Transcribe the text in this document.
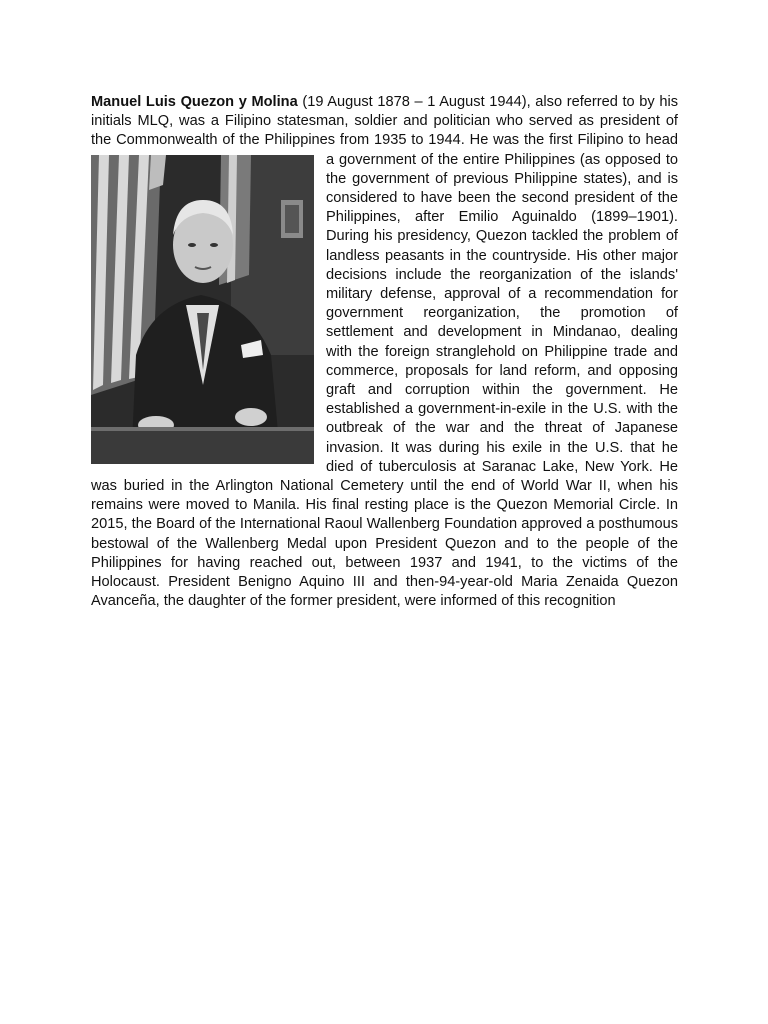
Manuel Luis Quezon y Molina (19 August 1878 – 1 August 1944), also referred to by his initials MLQ, was a Filipino statesman, soldier and politician who served as president of the Commonwealth of the Philippines from 1935 to 1944. He was the first
Filipino to head a government of the entire Philippines (as opposed to the government of previous Philippine states), and is considered to have been the second president of the Philippines, after Emilio Aguinaldo (1899–1901). During his presidency, Quezon tackled the problem of landless peasants in the countryside. His other major decisions include the reorganization of the islands' military defense, approval of a recommendation for government reorganization, the promotion of settlement and development in Mindanao, dealing with the foreign stranglehold on Philippine trade and commerce, proposals for land reform, and opposing graft and corruption within the government. He established a government-in-exile in the U.S. with the outbreak of the war and the threat of Japanese invasion. It was during his exile in the U.S. that he died of tuberculosis at Saranac Lake, New York. He was buried in the Arlington National Cemetery until the end of World War II, when his remains were moved to Manila. His final resting place is the Quezon Memorial Circle. In 2015, the Board of the International Raoul Wallenberg Foundation approved a posthumous bestowal of the Wallenberg Medal upon President Quezon and to the people of the Philippines for having reached out, between 1937 and 1941, to the victims of the Holocaust. President Benigno Aquino III and then-94-year-old Maria Zenaida Quezon Avanceña, the daughter of the former president, were informed of this recognition
